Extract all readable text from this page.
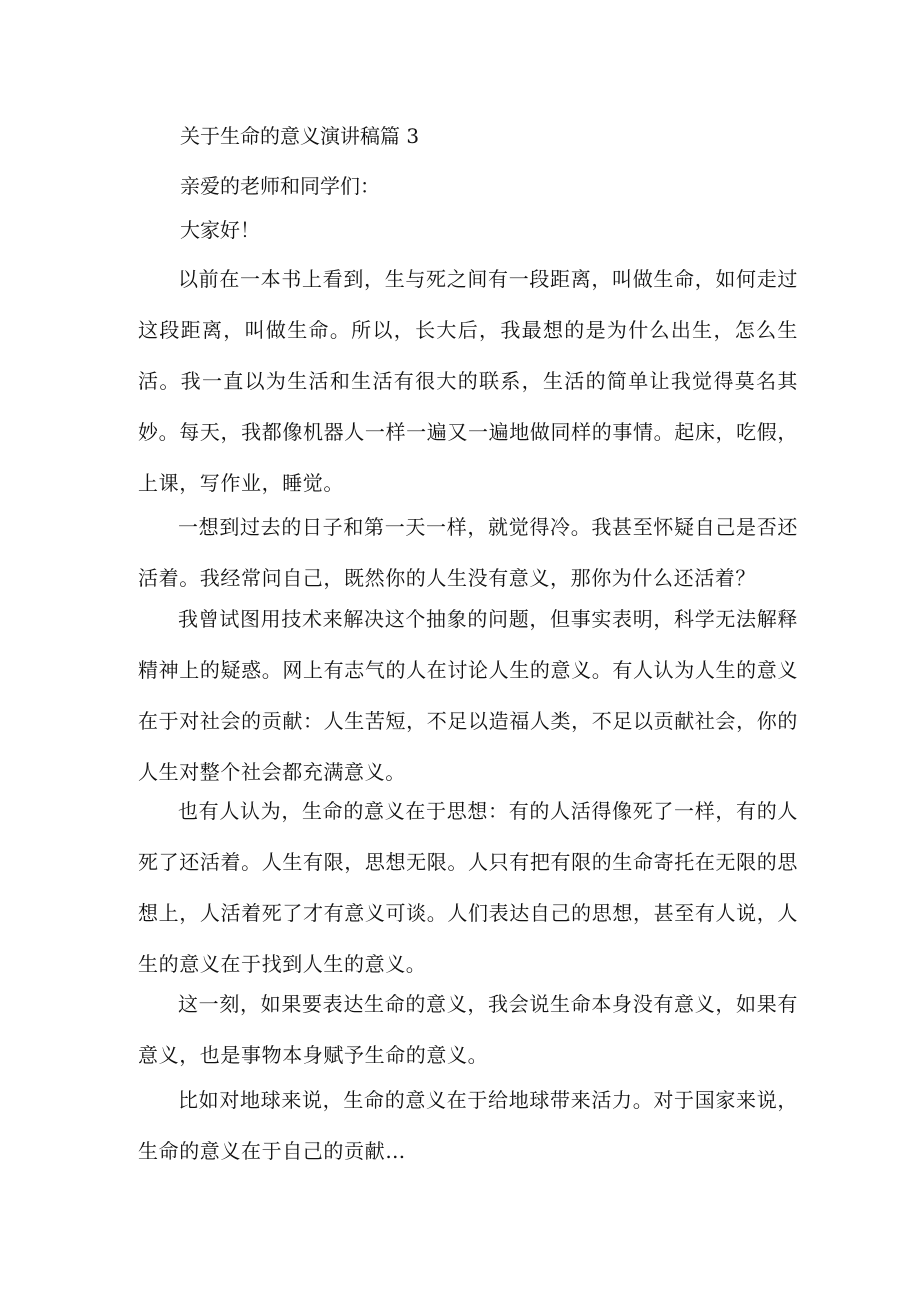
关于生命的意义演讲稿篇 3
亲爱的老师和同学们：
大家好！

以前在一本书上看到，生与死之间有一段距离，叫做生命，如何走过这段距离，叫做生命。所以，长大后，我最想的是为什么出生，怎么生活。我一直以为生活和生活有很大的联系，生活的简单让我觉得莫名其妙。每天，我都像机器人一样一遍又一遍地做同样的事情。起床，吃假，上课，写作业，睡觉。

一想到过去的日子和第一天一样，就觉得冷。我甚至怀疑自己是否还活着。我经常问自己，既然你的人生没有意义，那你为什么还活着？

我曾试图用技术来解决这个抽象的问题，但事实表明，科学无法解释精神上的疑惑。网上有志气的人在讨论人生的意义。有人认为人生的意义在于对社会的贡献：人生苦短，不足以造福人类，不足以贡献社会，你的人生对整个社会都充满意义。

也有人认为，生命的意义在于思想：有的人活得像死了一样，有的人死了还活着。人生有限，思想无限。人只有把有限的生命寄托在无限的思想上，人活着死了才有意义可谈。人们表达自己的思想，甚至有人说，人生的意义在于找到人生的意义。

这一刻，如果要表达生命的意义，我会说生命本身没有意义，如果有意义，也是事物本身赋予生命的意义。

比如对地球来说，生命的意义在于给地球带来活力。对于国家来说，生命的意义在于自己的贡献…
